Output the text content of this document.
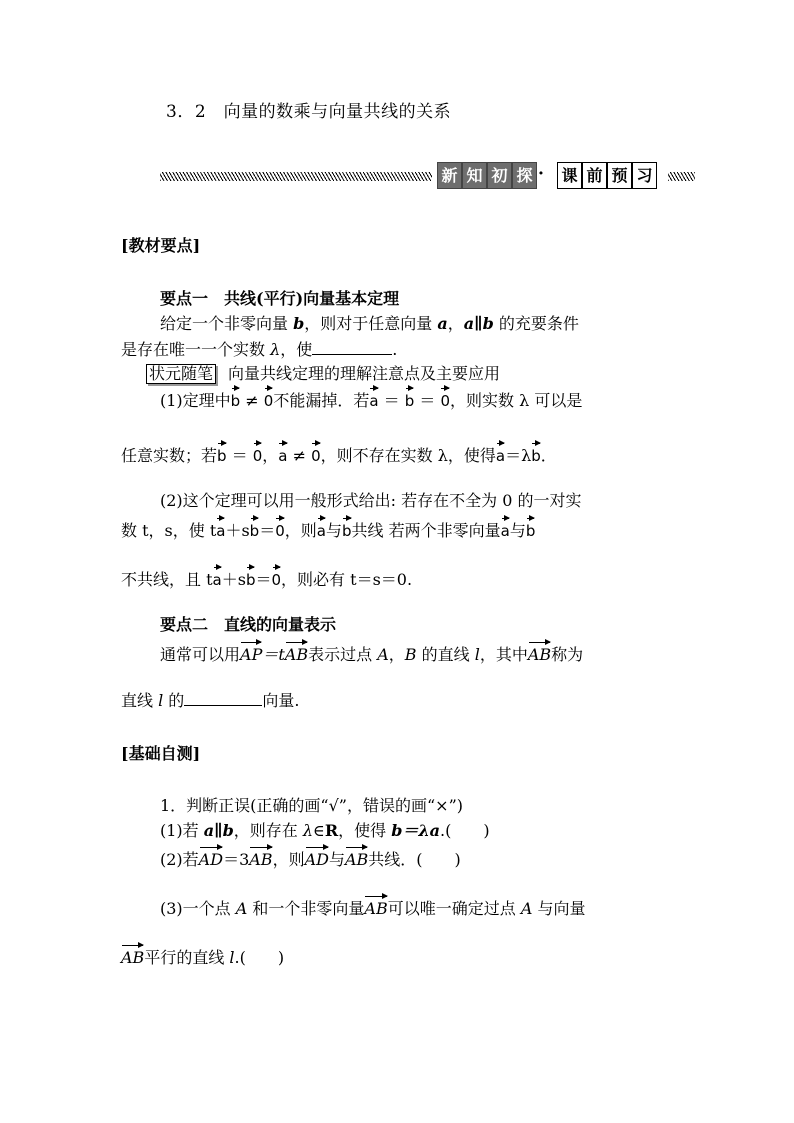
3．2　向量的数乘与向量共线的关系
新 知 初 探 · 课 前 预 习
[教材要点]
要点一　共线(平行)向量基本定理
给定一个非零向量 b，则对于任意向量 a，a∥b 的充要条件
是存在唯一一个实数 λ，使	.
状元随笔 向量共线定理的理解注意点及主要应用
(1)定理中b ≠ 0不能漏掉．若a ＝ b ＝ 0，则实数 λ 可以是
任意实数；若b ＝ 0，a ≠ 0，则不存在实数 λ，使得a＝λb．
(2)这个定理可以用一般形式给出: 若存在不全为 0 的一对实
数 t，s，使 ta＋sb＝0，则a与b共线 若两个非零向量a与b
不共线，且 ta＋sb＝0，则必有 t＝s＝0.
要点二　直线的向量表示
通常可以用AP＝tAB表示过点 A，B 的直线 l，其中AB称为
直线 l 的	向量.
[基础自测]
1．判断正误(正确的画“√”，错误的画“×”)
(1)若 a∥b，则存在 λ∈R，使得 b＝λa.(　　)
(2)若AD＝3AB，则AD与AB共线．(　　)
(3)一个点 A 和一个非零向量AB可以唯一确定过点 A 与向量
AB平行的直线 l.(　　)
